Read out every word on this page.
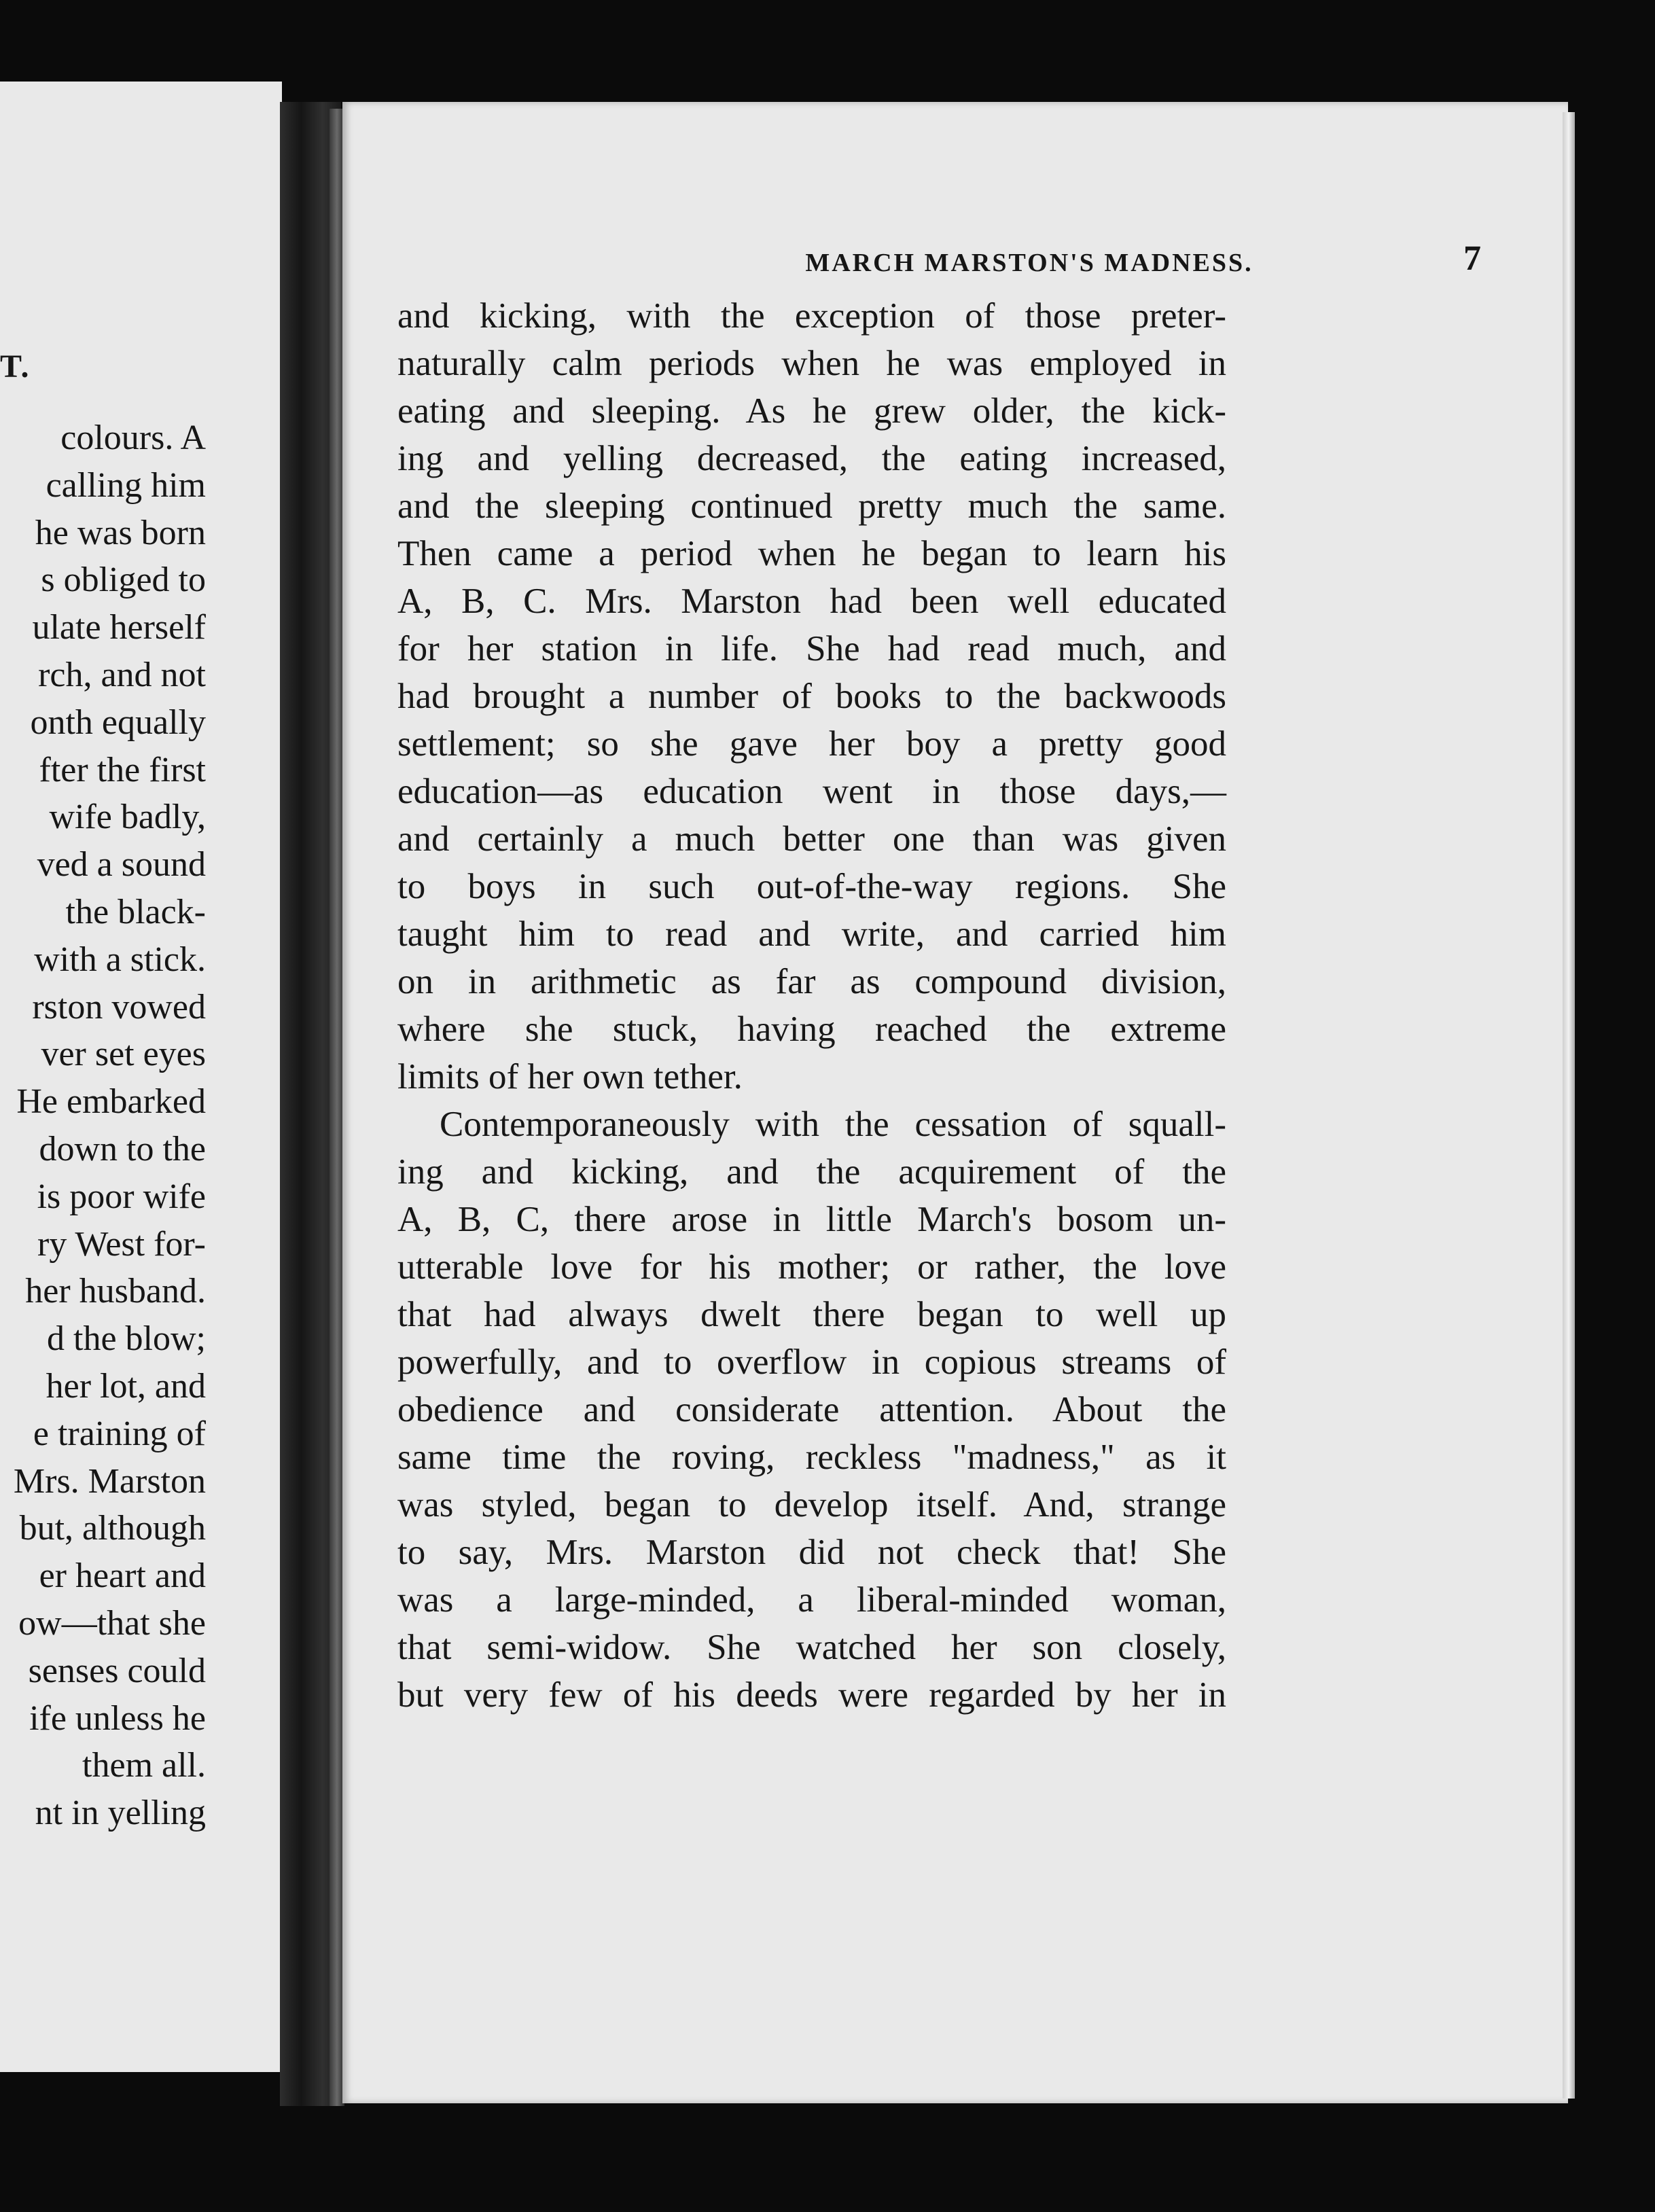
T.
colours. A
calling him
he was born
s obliged to
ulate herself
rch, and not
onth equally
fter the first
wife badly,
ved a sound
the black-
with a stick.
rston vowed
ver set eyes
He embarked
down to the
is poor wife
ry West for-
her husband.
d the blow;
her lot, and
e training of
Mrs. Marston
but, although
er heart and
ow—that she
senses could
ife unless he
them all.
nt in yelling
MARCH MARSTON'S MADNESS.	7
and kicking, with the exception of those preter-
naturally calm periods when he was employed in
eating and sleeping. As he grew older, the kick-
ing and yelling decreased, the eating increased,
and the sleeping continued pretty much the same.
Then came a period when he began to learn his
A, B, C. Mrs. Marston had been well educated
for her station in life. She had read much, and
had brought a number of books to the backwoods
settlement; so she gave her boy a pretty good
education—as education went in those days,—
and certainly a much better one than was given
to boys in such out-of-the-way regions. She
taught him to read and write, and carried him
on in arithmetic as far as compound division,
where she stuck, having reached the extreme
limits of her own tether.
Contemporaneously with the cessation of squall-
ing and kicking, and the acquirement of the
A, B, C, there arose in little March's bosom un-
utterable love for his mother; or rather, the love
that had always dwelt there began to well up
powerfully, and to overflow in copious streams of
obedience and considerate attention. About the
same time the roving, reckless "madness," as it
was styled, began to develop itself. And, strange
to say, Mrs. Marston did not check that! She
was a large-minded, a liberal-minded woman,
that semi-widow. She watched her son closely,
but very few of his deeds were regarded by her in
